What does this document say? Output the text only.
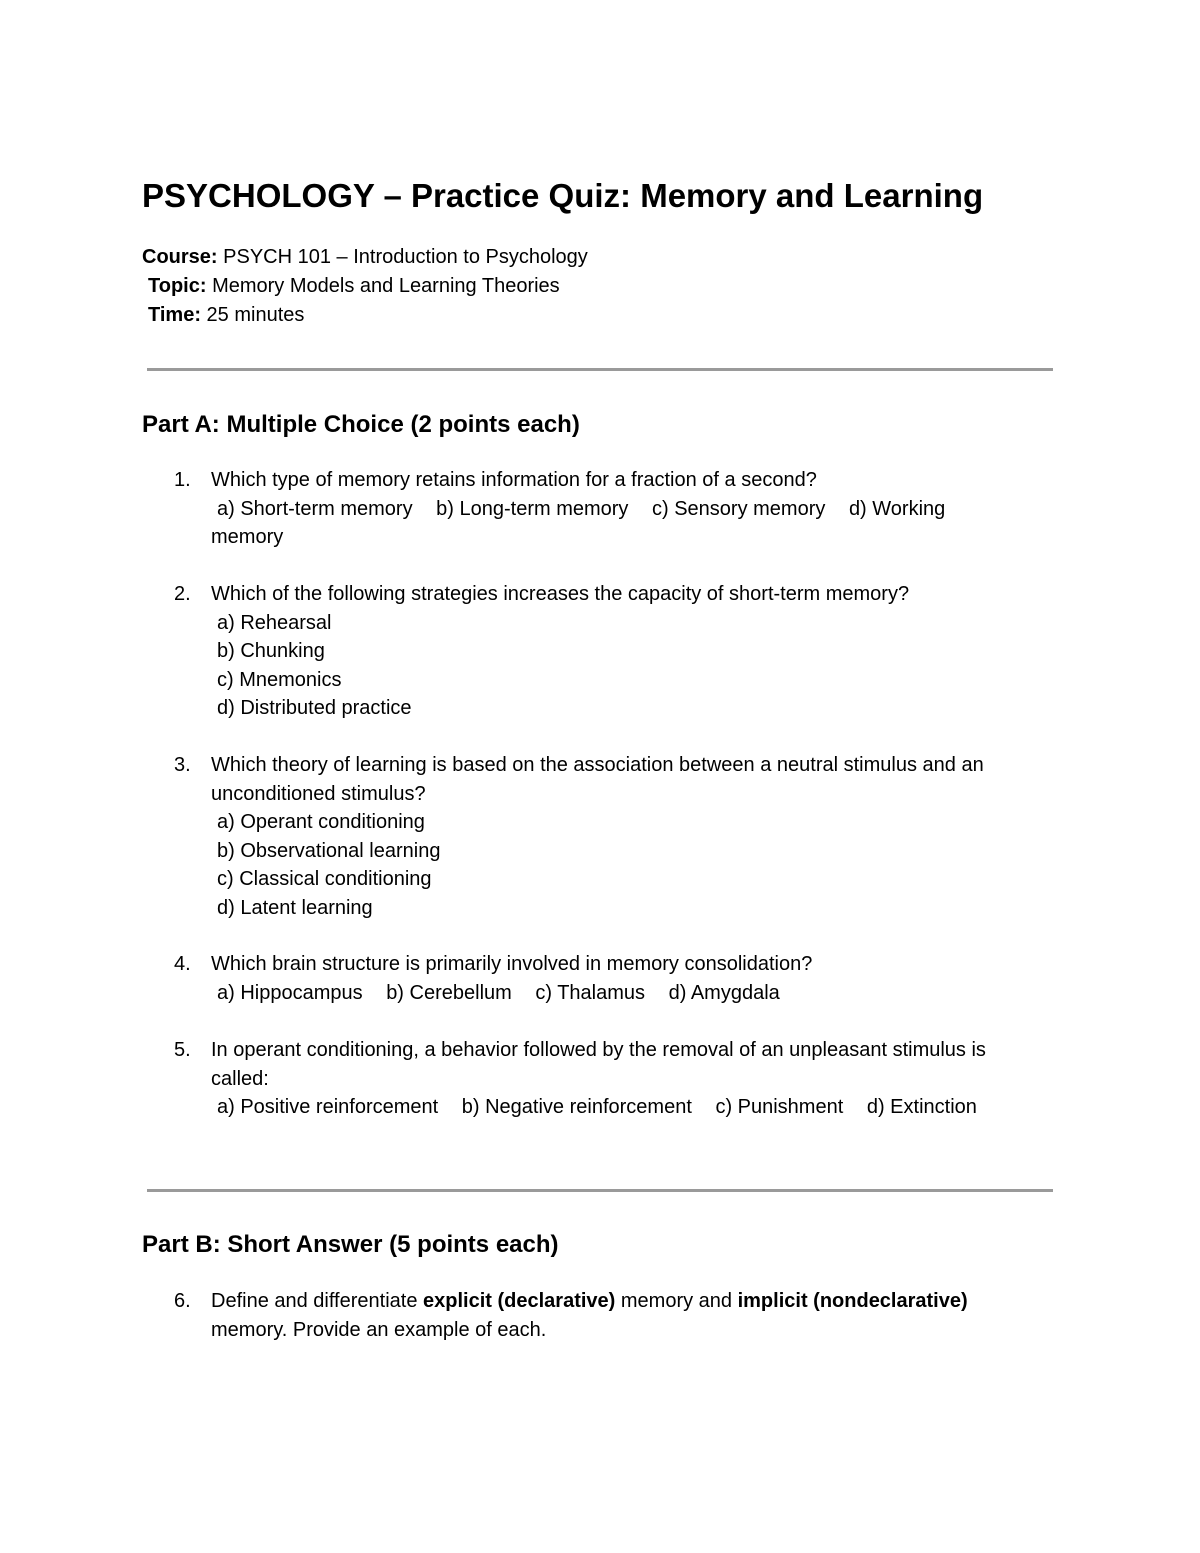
PSYCHOLOGY – Practice Quiz: Memory and Learning
Course: PSYCH 101 – Introduction to Psychology
Topic: Memory Models and Learning Theories
Time: 25 minutes
Part A: Multiple Choice (2 points each)
1. Which type of memory retains information for a fraction of a second?
a) Short-term memory b) Long-term memory c) Sensory memory d) Working
memory
2. Which of the following strategies increases the capacity of short-term memory?
a) Rehearsal
b) Chunking
c) Mnemonics
d) Distributed practice
3. Which theory of learning is based on the association between a neutral stimulus and an
unconditioned stimulus?
a) Operant conditioning
b) Observational learning
c) Classical conditioning
d) Latent learning
4. Which brain structure is primarily involved in memory consolidation?
a) Hippocampus b) Cerebellum c) Thalamus d) Amygdala
5. In operant conditioning, a behavior followed by the removal of an unpleasant stimulus is
called:
a) Positive reinforcement b) Negative reinforcement c) Punishment d) Extinction
Part B: Short Answer (5 points each)
6. Define and differentiate explicit (declarative) memory and implicit (nondeclarative)
memory. Provide an example of each.
